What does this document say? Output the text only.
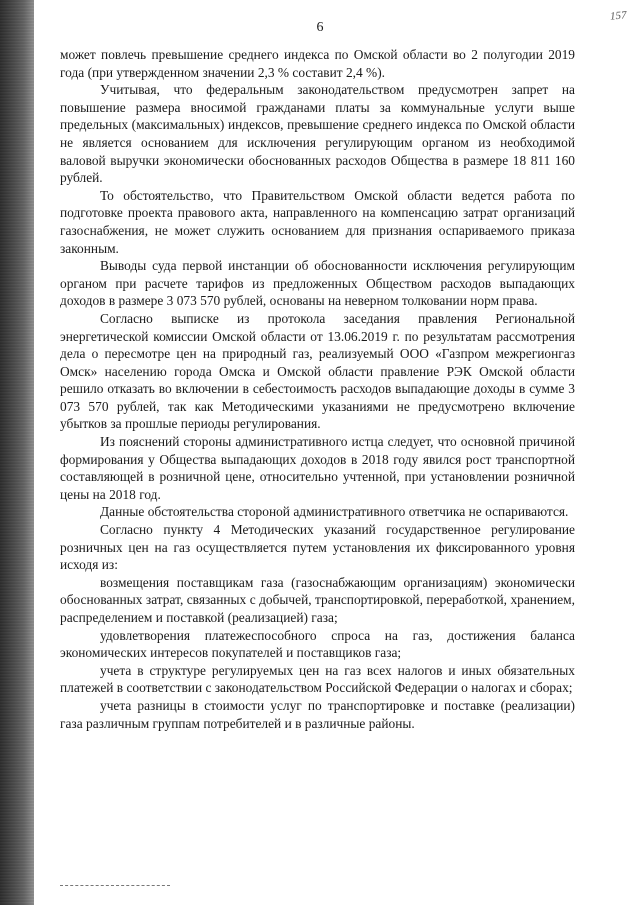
6
157

может повлечь превышение среднего индекса по Омской области во 2 полугодии 2019 года (при утвержденном значении 2,3 % составит 2,4 %).

Учитывая, что федеральным законодательством предусмотрен запрет на повышение размера вносимой гражданами платы за коммунальные услуги выше предельных (максимальных) индексов, превышение среднего индекса по Омской области не является основанием для исключения регулирующим органом из необходимой валовой выручки экономически обоснованных расходов Общества в размере 18 811 160 рублей.

То обстоятельство, что Правительством Омской области ведется работа по подготовке проекта правового акта, направленного на компенсацию затрат организаций газоснабжения, не может служить основанием для признания оспариваемого приказа законным.

Выводы суда первой инстанции об обоснованности исключения регулирующим органом при расчете тарифов из предложенных Обществом расходов выпадающих доходов в размере 3 073 570 рублей, основаны на неверном толковании норм права.

Согласно выписке из протокола заседания правления Региональной энергетической комиссии Омской области от 13.06.2019 г. по результатам рассмотрения дела о пересмотре цен на природный газ, реализуемый ООО «Газпром межрегионгаз Омск» населению города Омска и Омской области правление РЭК Омской области решило отказать во включении в себестоимость расходов выпадающие доходы в сумме 3 073 570 рублей, так как Методическими указаниями не предусмотрено включение убытков за прошлые периоды регулирования.

Из пояснений стороны административного истца следует, что основной причиной формирования у Общества выпадающих доходов в 2018 году явился рост транспортной составляющей в розничной цене, относительно учтенной, при установлении розничной цены на 2018 год.

Данные обстоятельства стороной административного ответчика не оспариваются.

Согласно пункту 4 Методических указаний государственное регулирование розничных цен на газ осуществляется путем установления их фиксированного уровня исходя из:

возмещения поставщикам газа (газоснабжающим организациям) экономически обоснованных затрат, связанных с добычей, транспортировкой, переработкой, хранением, распределением и поставкой (реализацией) газа;

удовлетворения платежеспособного спроса на газ, достижения баланса экономических интересов покупателей и поставщиков газа;

учета в структуре регулируемых цен на газ всех налогов и иных обязательных платежей в соответствии с законодательством Российской Федерации о налогах и сборах;

учета разницы в стоимости услуг по транспортировке и поставке (реализации) газа различным группам потребителей и в различные районы.
